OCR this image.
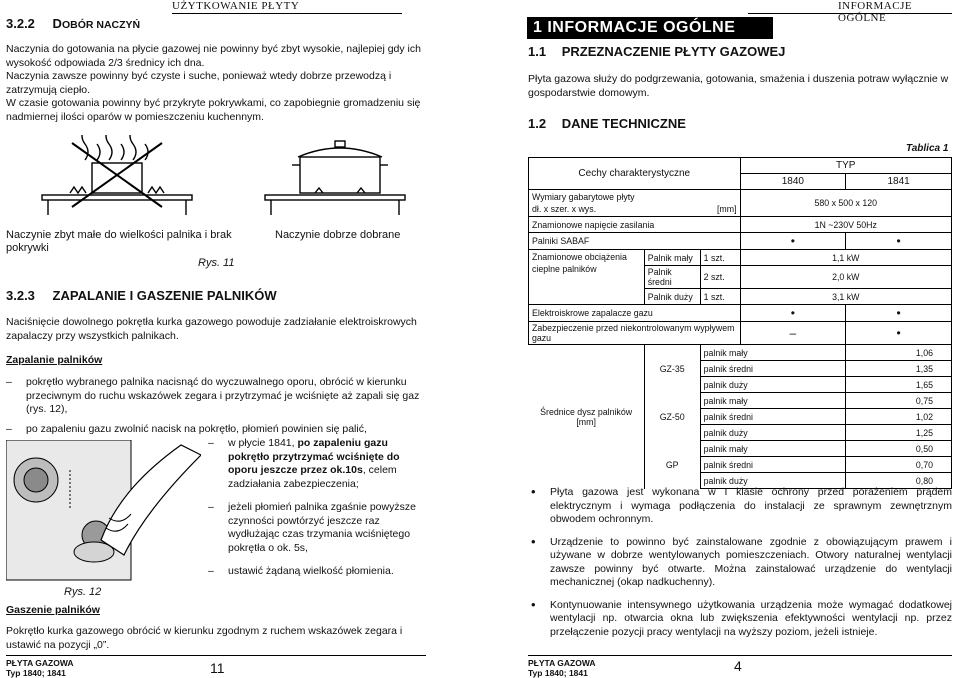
UŻYTKOWANIE PŁYTY
3.2.2 DOBÓR NACZYŃ

Naczynia do gotowania na płycie gazowej nie powinny być zbyt wysokie, najlepiej gdy ich wysokość odpowiada 2/3 średnicy ich dna.

Naczynia zawsze powinny być czyste i suche, ponieważ wtedy dobrze przewodzą i zatrzymują ciepło.

W czasie gotowania powinny być przykryte pokrywkami, co zapobiegnie gromadzeniu się nadmiernej ilości oparów w pomieszczeniu kuchennym.

Naczynie zbyt małe do wielkości palnika i brak pokrywki
Naczynie dobrze dobrane
Rys. 11
3.2.3 ZAPALANIE I GASZENIE PALNIKÓW

Naciśnięcie dowolnego pokrętła kurka gazowego powoduje zadziałanie elektroiskrowych zapalaczy przy wszystkich palnikach.

Zapalanie palników
– pokrętło wybranego palnika nacisnąć do wyczuwalnego oporu, obrócić w kierunku przeciwnym do ruchu wskazówek zegara i przytrzymać je wciśnięte aż zapali się gaz (rys. 12),
– po zapaleniu gazu zwolnić nacisk na pokrętło, płomień powinien się palić,
Rys. 12
– w płycie 1841, po zapaleniu gazu pokrętło przytrzymać wciśnięte do oporu jeszcze przez ok.10s, celem zadziałania zabezpieczenia;
– jeżeli płomień palnika zgaśnie powyższe czynności powtórzyć jeszcze raz wydłużając czas trzymania wciśniętego pokrętła o ok. 5s,
– ustawić żądaną wielkość płomienia.
Gaszenie palników

Pokrętło kurka gazowego obrócić w kierunku zgodnym z ruchem wskazówek zegara i ustawić na pozycji „0”.

PŁYTA GAZOWA
Typ 1840; 1841	11
INFORMACJE OGÓLNE
1 INFORMACJE OGÓLNE
1.1 PRZEZNACZENIE PŁYTY GAZOWEJ

Płyta gazowa służy do podgrzewania, gotowania, smażenia i duszenia potraw wyłącznie w gospodarstwie domowym.

1.2 DANE TECHNICZNE
Tablica 1
Cechy charakterystyczne			TYP	
			1840	1841

Wymiary gabarytowe płyty
dł. x szer. x wys. [mm]			580 x 500 x 120	
Znamionowe napięcie zasilania			1N ~230V 50Hz	
Palniki SABAF			•	•
Znamionowe obciążenia cieplne palników	Palnik mały	1 szt.	1,1 kW	
	Palnik średni	2 szt.	2,0 kW	
	Palnik duży	1 szt.	3,1 kW	
Elektroiskrowe zapalacze gazu			•	•
Zabezpieczenie przed niekontrolowanym wypływem gazu			–	•
Średnice dysz palników [mm]	GZ-35	palnik mały		1,06
		palnik średni		1,35
		palnik duży		1,65
	GZ-50	palnik mały		0,75
		palnik średni		1,02
		palnik duży		1,25
	GP	palnik mały		0,50
		palnik średni		0,70
		palnik duży		0,80
• Płyta gazowa jest wykonana w I klasie ochrony przed porażeniem prądem elektrycznym i wymaga podłączenia do instalacji ze sprawnym zewnętrznym obwodem ochronnym.
• Urządzenie to powinno być zainstalowane zgodnie z obowiązującym prawem i używane w dobrze wentylowanych pomieszczeniach. Otwory naturalnej wentylacji zawsze powinny być otwarte. Można zainstalować urządzenie do wentylacji mechanicznej (okap nadkuchenny).
• Kontynuowanie intensywnego użytkowania urządzenia może wymagać dodatkowej wentylacji np. otwarcia okna lub zwiększenia efektywności wentylacji np. przez przełączenie pozycji pracy wentylacji na wyższy poziom, jeżeli istnieje.
PŁYTA GAZOWA
Typ 1840; 1841	4
